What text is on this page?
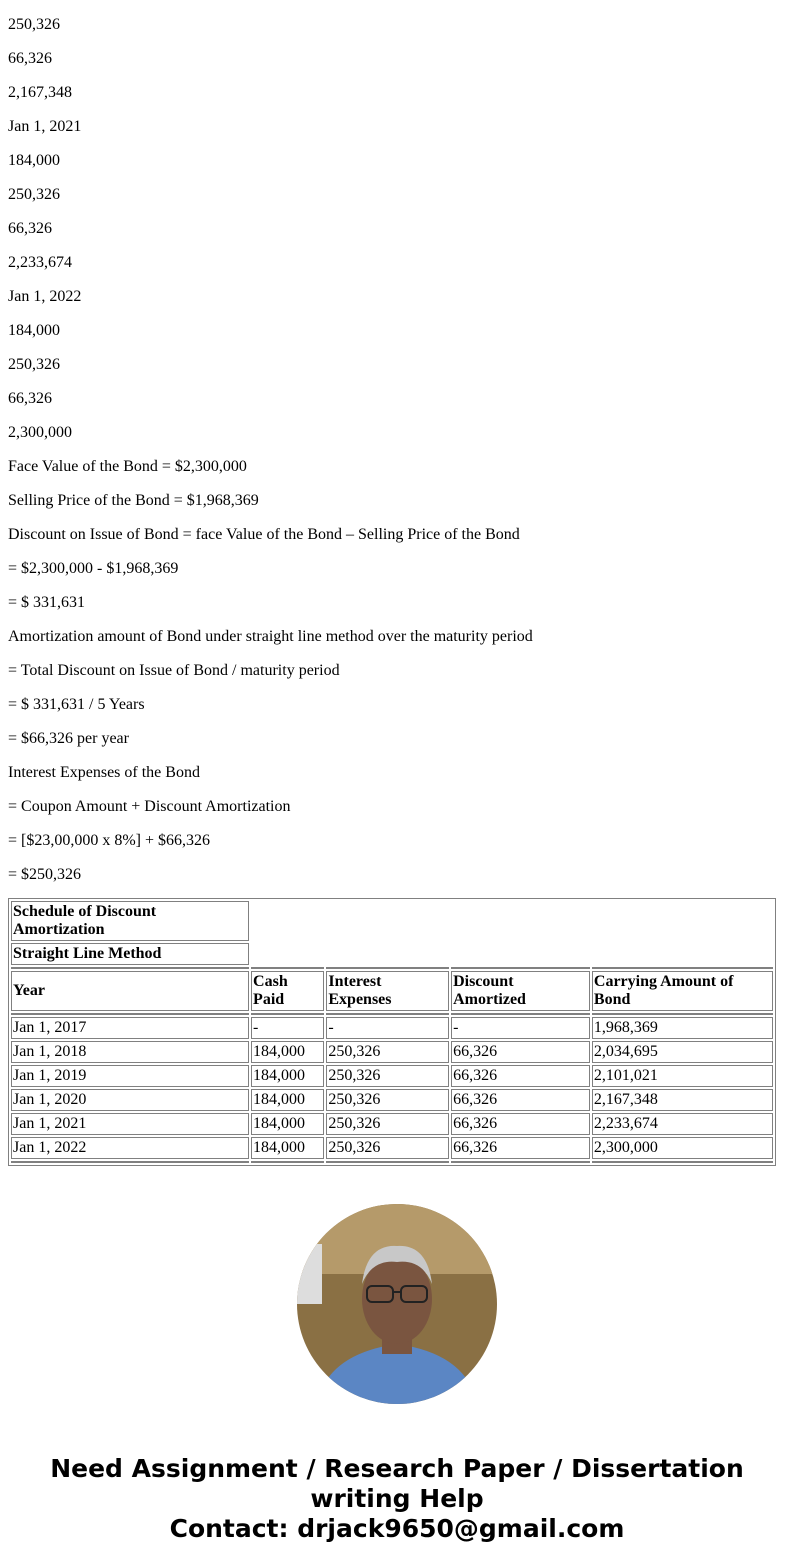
250,326

66,326

2,167,348

Jan 1, 2021

184,000

250,326

66,326

2,233,674

Jan 1, 2022

184,000

250,326

66,326

2,300,000

Face Value of the Bond = $2,300,000

Selling Price of the Bond = $1,968,369

Discount on Issue of Bond = face Value of the Bond – Selling Price of the Bond

= $2,300,000 - $1,968,369

= $ 331,631

Amortization amount of Bond under straight line method over the maturity period

= Total Discount on Issue of Bond / maturity period

= $ 331,631 / 5 Years

= $66,326 per year

Interest Expenses of the Bond

= Coupon Amount + Discount Amortization

= [$23,00,000 x 8%] + $66,326

= $250,326

Schedule of Discount Amortization				
Straight Line Method				

Year	Cash Paid	Interest Expenses	Discount Amortized	Carrying Amount of Bond

Jan 1, 2017	-	-	-	1,968,369
Jan 1, 2018	184,000	250,326	66,326	2,034,695
Jan 1, 2019	184,000	250,326	66,326	2,101,021
Jan 1, 2020	184,000	250,326	66,326	2,167,348
Jan 1, 2021	184,000	250,326	66,326	2,233,674
Jan 1, 2022	184,000	250,326	66,326	2,300,000

Need Assignment / Research Paper / Dissertation writing Help
Contact: drjack9650@gmail.com
